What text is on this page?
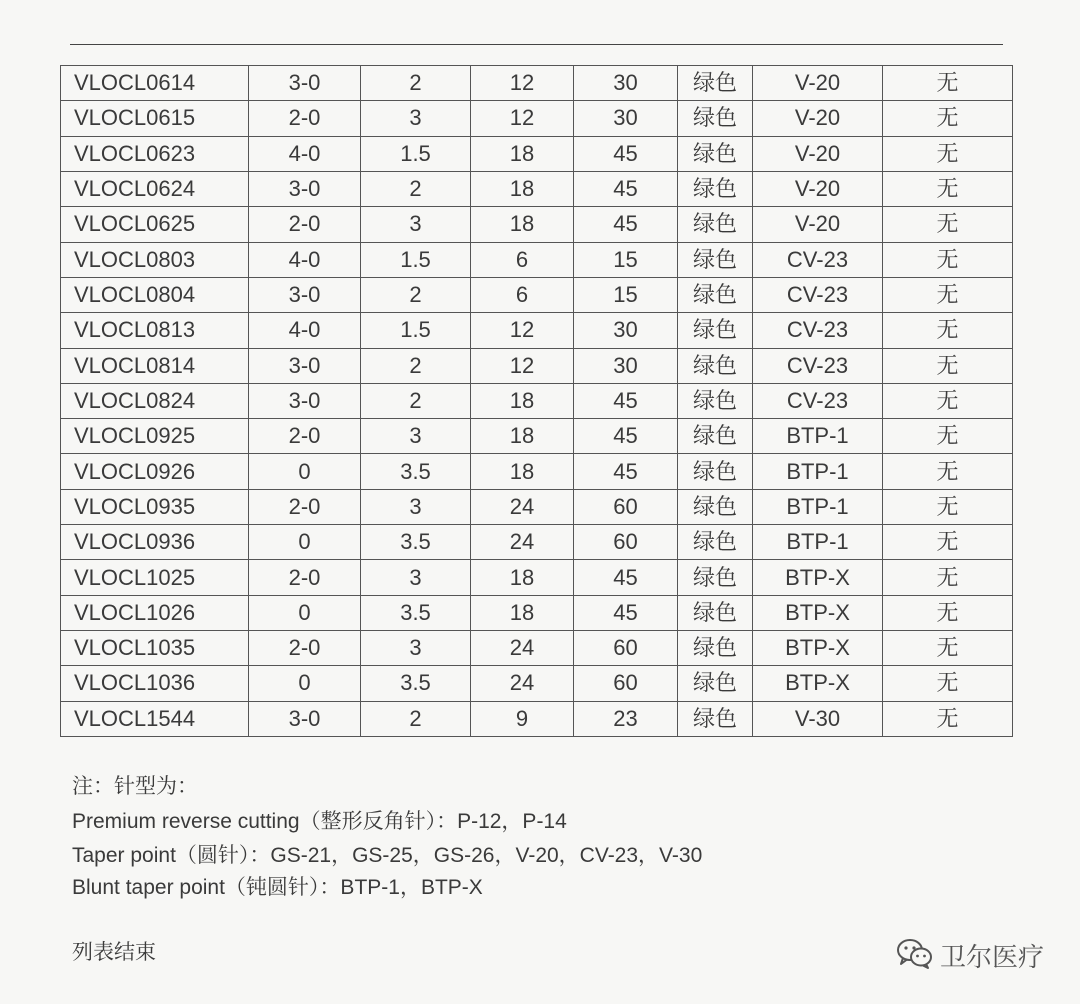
VLOCL0614	3-0	2	12	30	绿色	V-20	无
VLOCL0615	2-0	3	12	30	绿色	V-20	无
VLOCL0623	4-0	1.5	18	45	绿色	V-20	无
VLOCL0624	3-0	2	18	45	绿色	V-20	无
VLOCL0625	2-0	3	18	45	绿色	V-20	无
VLOCL0803	4-0	1.5	6	15	绿色	CV-23	无
VLOCL0804	3-0	2	6	15	绿色	CV-23	无
VLOCL0813	4-0	1.5	12	30	绿色	CV-23	无
VLOCL0814	3-0	2	12	30	绿色	CV-23	无
VLOCL0824	3-0	2	18	45	绿色	CV-23	无
VLOCL0925	2-0	3	18	45	绿色	BTP-1	无
VLOCL0926	0	3.5	18	45	绿色	BTP-1	无
VLOCL0935	2-0	3	24	60	绿色	BTP-1	无
VLOCL0936	0	3.5	24	60	绿色	BTP-1	无
VLOCL1025	2-0	3	18	45	绿色	BTP-X	无
VLOCL1026	0	3.5	18	45	绿色	BTP-X	无
VLOCL1035	2-0	3	24	60	绿色	BTP-X	无
VLOCL1036	0	3.5	24	60	绿色	BTP-X	无
VLOCL1544	3-0	2	9	23	绿色	V-30	无
注：针型为：
Premium reverse cutting（整形反角针）：P-12，P-14
Taper point（圆针）：GS-21，GS-25，GS-26，V-20，CV-23，V-30
Blunt taper point（钝圆针）：BTP-1，BTP-X
列表结束	卫尔医疗
